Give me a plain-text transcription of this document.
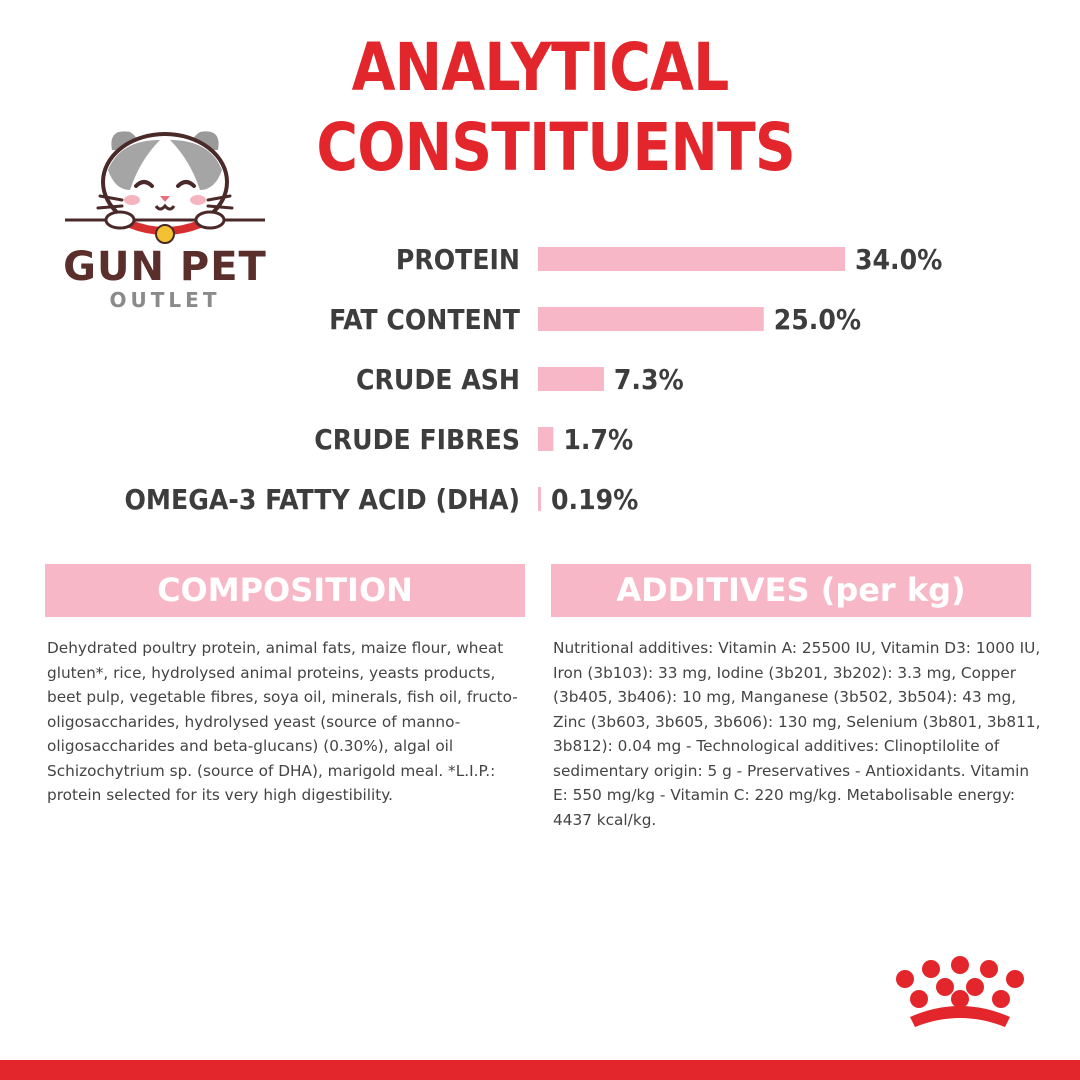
ANALYTICAL
CONSTITUENTS
GUN PET
OUTLET
PROTEIN	34.0%
FAT CONTENT	25.0%
CRUDE ASH	7.3%
CRUDE FIBRES 1.7%
OMEGA-3 FATTY ACID (DHA) 0.19%
COMPOSITION	ADDITIVES (per kg)
Dehydrated poultry protein, animal fats, maize flour, wheat gluten*, rice, hydrolysed animal proteins, yeasts products, beet pulp, vegetable fibres, soya oil, minerals, fish oil, fructo-oligosaccharides, hydrolysed yeast (source of manno-oligosaccharides and beta-glucans) (0.30%), algal oil Schizochytrium sp. (source of DHA), marigold meal. *L.I.P.: protein selected for its very high digestibility.
Nutritional additives: Vitamin A: 25500 IU, Vitamin D3: 1000 IU, Iron (3b103): 33 mg, Iodine (3b201, 3b202): 3.3 mg, Copper (3b405, 3b406): 10 mg, Manganese (3b502, 3b504): 43 mg, Zinc (3b603, 3b605, 3b606): 130 mg, Selenium (3b801, 3b811, 3b812): 0.04 mg - Technological additives: Clinoptilolite of sedimentary origin: 5 g - Preservatives - Antioxidants. Vitamin E: 550 mg/kg - Vitamin C: 220 mg/kg. Metabolisable energy: 4437 kcal/kg.
